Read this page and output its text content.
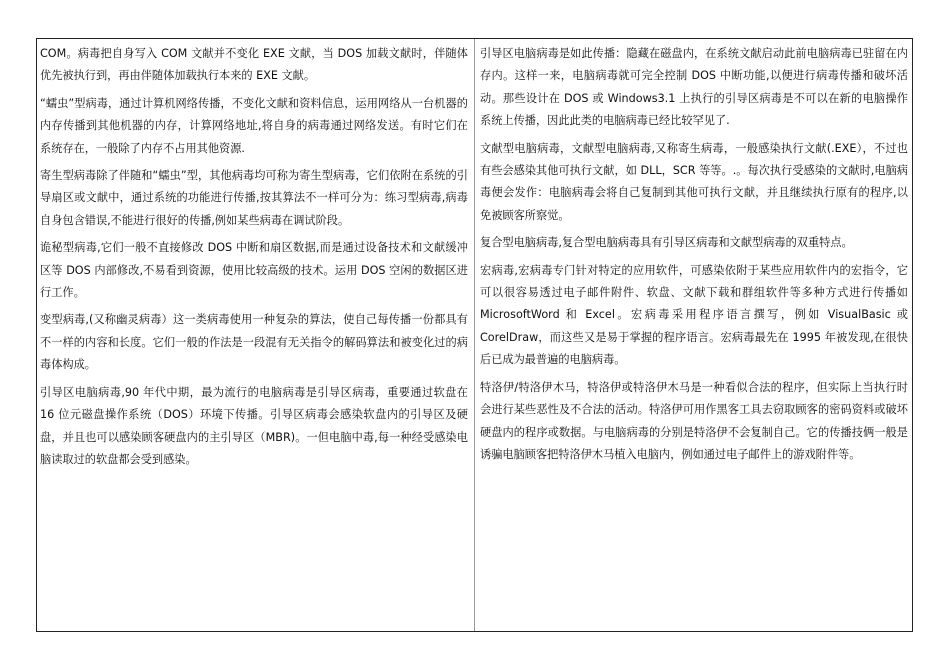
COM。病毒把自身写入 COM 文献并不变化 EXE 文献，当 DOS 加载文献时，伴随体优先被执行到，再由伴随体加载执行本来的 EXE 文献。

“蠕虫”型病毒，通过计算机网络传播，不变化文献和资料信息，运用网络从一台机器的内存传播到其他机器的内存，计算网络地址,将自身的病毒通过网络发送。有时它们在系统存在，一般除了内存不占用其他资源.

寄生型病毒除了伴随和“蠕虫”型，其他病毒均可称为寄生型病毒，它们依附在系统的引导扇区或文献中，通过系统的功能进行传播,按其算法不一样可分为：练习型病毒,病毒自身包含错误,不能进行很好的传播,例如某些病毒在调试阶段。

诡秘型病毒,它们一般不直接修改 DOS 中断和扇区数据,而是通过设备技术和文献缓冲区等 DOS 内部修改,不易看到资源，使用比较高级的技术。运用 DOS 空闲的数据区进行工作。

变型病毒,(又称幽灵病毒）这一类病毒使用一种复杂的算法，使自己每传播一份都具有不一样的内容和长度。它们一般的作法是一段混有无关指令的解码算法和被变化过的病毒体构成。

引导区电脑病毒,90 年代中期，最为流行的电脑病毒是引导区病毒，重要通过软盘在 16 位元磁盘操作系统（DOS）环境下传播。引导区病毒会感染软盘内的引导区及硬盘，并且也可以感染顾客硬盘内的主引导区（MBR)。一但电脑中毒,每一种经受感染电脑读取过的软盘都会受到感染。

引导区电脑病毒是如此传播：隐藏在磁盘内，在系统文献启动此前电脑病毒已驻留在内存内。这样一来，电脑病毒就可完全控制 DOS 中断功能,以便进行病毒传播和破坏活动。那些设计在 DOS 或 Windows3.1 上执行的引导区病毒是不可以在新的电脑操作系统上传播，因此此类的电脑病毒已经比较罕见了.

文献型电脑病毒，文献型电脑病毒,又称寄生病毒，一般感染执行文献(.EXE），不过也有些会感染其他可执行文献，如 DLL，SCR 等等。.。每次执行受感染的文献时,电脑病毒便会发作：电脑病毒会将自己复制到其他可执行文献，并且继续执行原有的程序,以免被顾客所察觉。

复合型电脑病毒,复合型电脑病毒具有引导区病毒和文献型病毒的双重特点。

宏病毒,宏病毒专门针对特定的应用软件，可感染依附于某些应用软件内的宏指令，它可以很容易透过电子邮件附件、软盘、文献下载和群组软件等多种方式进行传播如 MicrosoftWord 和 Excel。宏病毒采用程序语言撰写，例如 VisualBasic 或 CorelDraw，而这些又是易于掌握的程序语言。宏病毒最先在 1995 年被发现,在很快后已成为最普遍的电脑病毒。

特洛伊/特洛伊木马，特洛伊或特洛伊木马是一种看似合法的程序，但实际上当执行时会进行某些恶性及不合法的活动。特洛伊可用作黑客工具去窃取顾客的密码资料或破坏硬盘内的程序或数据。与电脑病毒的分别是特洛伊不会复制自己。它的传播技俩一般是诱骗电脑顾客把特洛伊木马植入电脑内，例如通过电子邮件上的游戏附件等。
